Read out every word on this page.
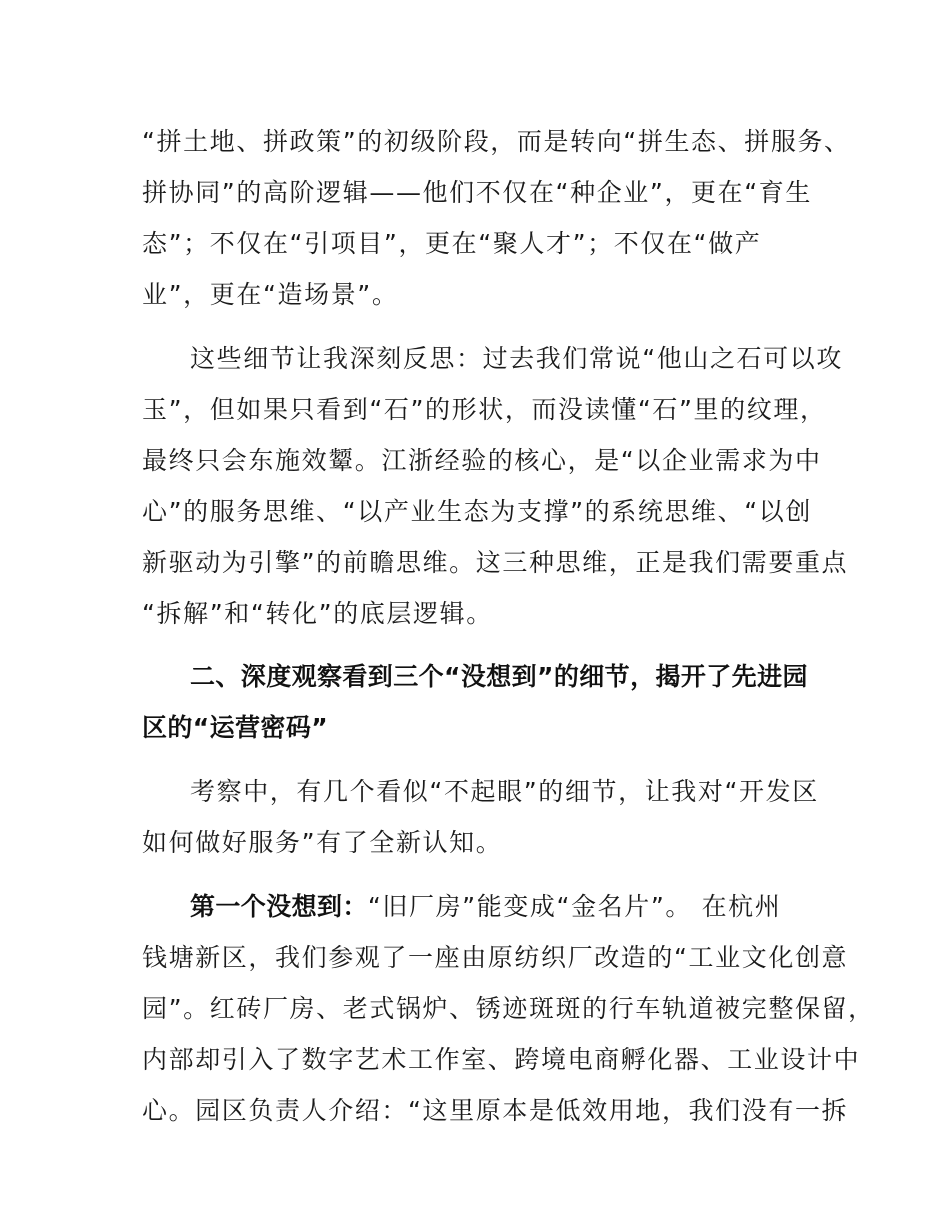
“拼土地、拼政策”的初级阶段，而是转向“拼生态、拼服务、
拼协同”的高阶逻辑——他们不仅在“种企业”，更在“育生
态”；不仅在“引项目”，更在“聚人才”；不仅在“做产
业”，更在“造场景”。
这些细节让我深刻反思：过去我们常说“他山之石可以攻
玉”，但如果只看到“石”的形状，而没读懂“石”里的纹理，
最终只会东施效颦。江浙经验的核心，是“以企业需求为中
心”的服务思维、“以产业生态为支撑”的系统思维、“以创
新驱动为引擎”的前瞻思维。这三种思维，正是我们需要重点
“拆解”和“转化”的底层逻辑。
二、深度观察看到三个“没想到”的细节，揭开了先进园
区的“运营密码”
考察中，有几个看似“不起眼”的细节，让我对“开发区
如何做好服务”有了全新认知。
第一个没想到：“旧厂房”能变成“金名片”。 在杭州
钱塘新区，我们参观了一座由原纺织厂改造的“工业文化创意
园”。红砖厂房、老式锅炉、锈迹斑斑的行车轨道被完整保留，
内部却引入了数字艺术工作室、跨境电商孵化器、工业设计中
心。园区负责人介绍：“这里原本是低效用地，我们没有一拆
